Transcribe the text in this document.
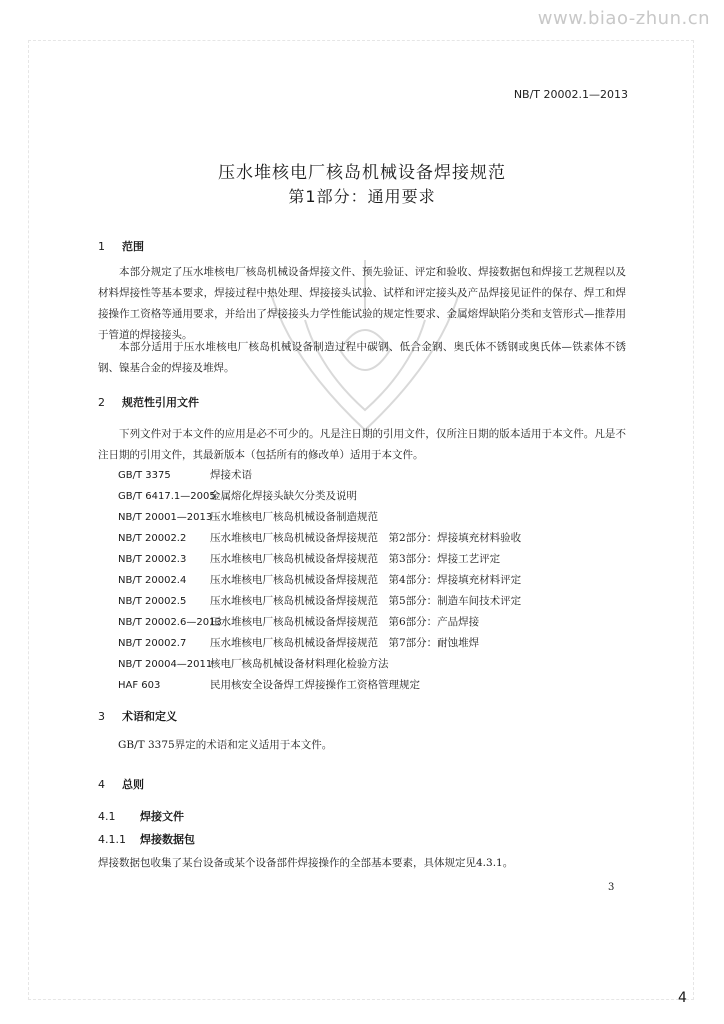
www.biao-zhun.cn
NB/T 20002.1—2013
压水堆核电厂核岛机械设备焊接规范
第1部分：通用要求
1 范围
本部分规定了压水堆核电厂核岛机械设备焊接文件、预先验证、评定和验收、焊接数据包和焊接工艺规程以及材料焊接性等基本要求，焊接过程中热处理、焊接接头试验、试样和评定接头及产品焊接见证件的保存、焊工和焊接操作工资格等通用要求，并给出了焊接接头力学性能试验的规定性要求、金属熔焊缺陷分类和支管形式—推荐用于管道的焊接接头。
本部分适用于压水堆核电厂核岛机械设备制造过程中碳钢、低合金钢、奥氏体不锈钢或奥氏体—铁素体不锈钢、镍基合金的焊接及堆焊。
2 规范性引用文件
下列文件对于本文件的应用是必不可少的。凡是注日期的引用文件，仅所注日期的版本适用于本文件。凡是不注日期的引用文件，其最新版本（包括所有的修改单）适用于本文件。
GB/T 3375	焊接术语
GB/T 6417.1—2005金属熔化焊接头缺欠分类及说明
NB/T 20001—2013压水堆核电厂核岛机械设备制造规范
NB/T 20002.2 压水堆核电厂核岛机械设备焊接规范　第2部分：焊接填充材料验收
NB/T 20002.3 压水堆核电厂核岛机械设备焊接规范　第3部分：焊接工艺评定
NB/T 20002.4 压水堆核电厂核岛机械设备焊接规范　第4部分：焊接填充材料评定
NB/T 20002.5 压水堆核电厂核岛机械设备焊接规范　第5部分：制造车间技术评定
NB/T 20002.6—2013压水堆核电厂核岛机械设备焊接规范　第6部分：产品焊接
NB/T 20002.7 压水堆核电厂核岛机械设备焊接规范　第7部分：耐蚀堆焊
NB/T 20004—2011核电厂核岛机械设备材料理化检验方法
HAF 603	民用核安全设备焊工焊接操作工资格管理规定
3 术语和定义
GB/T 3375界定的术语和定义适用于本文件。
4 总则
4.1 焊接文件
4.1.1 焊接数据包
焊接数据包收集了某台设备或某个设备部件焊接操作的全部基本要素，具体规定见4.3.1。
3
4
